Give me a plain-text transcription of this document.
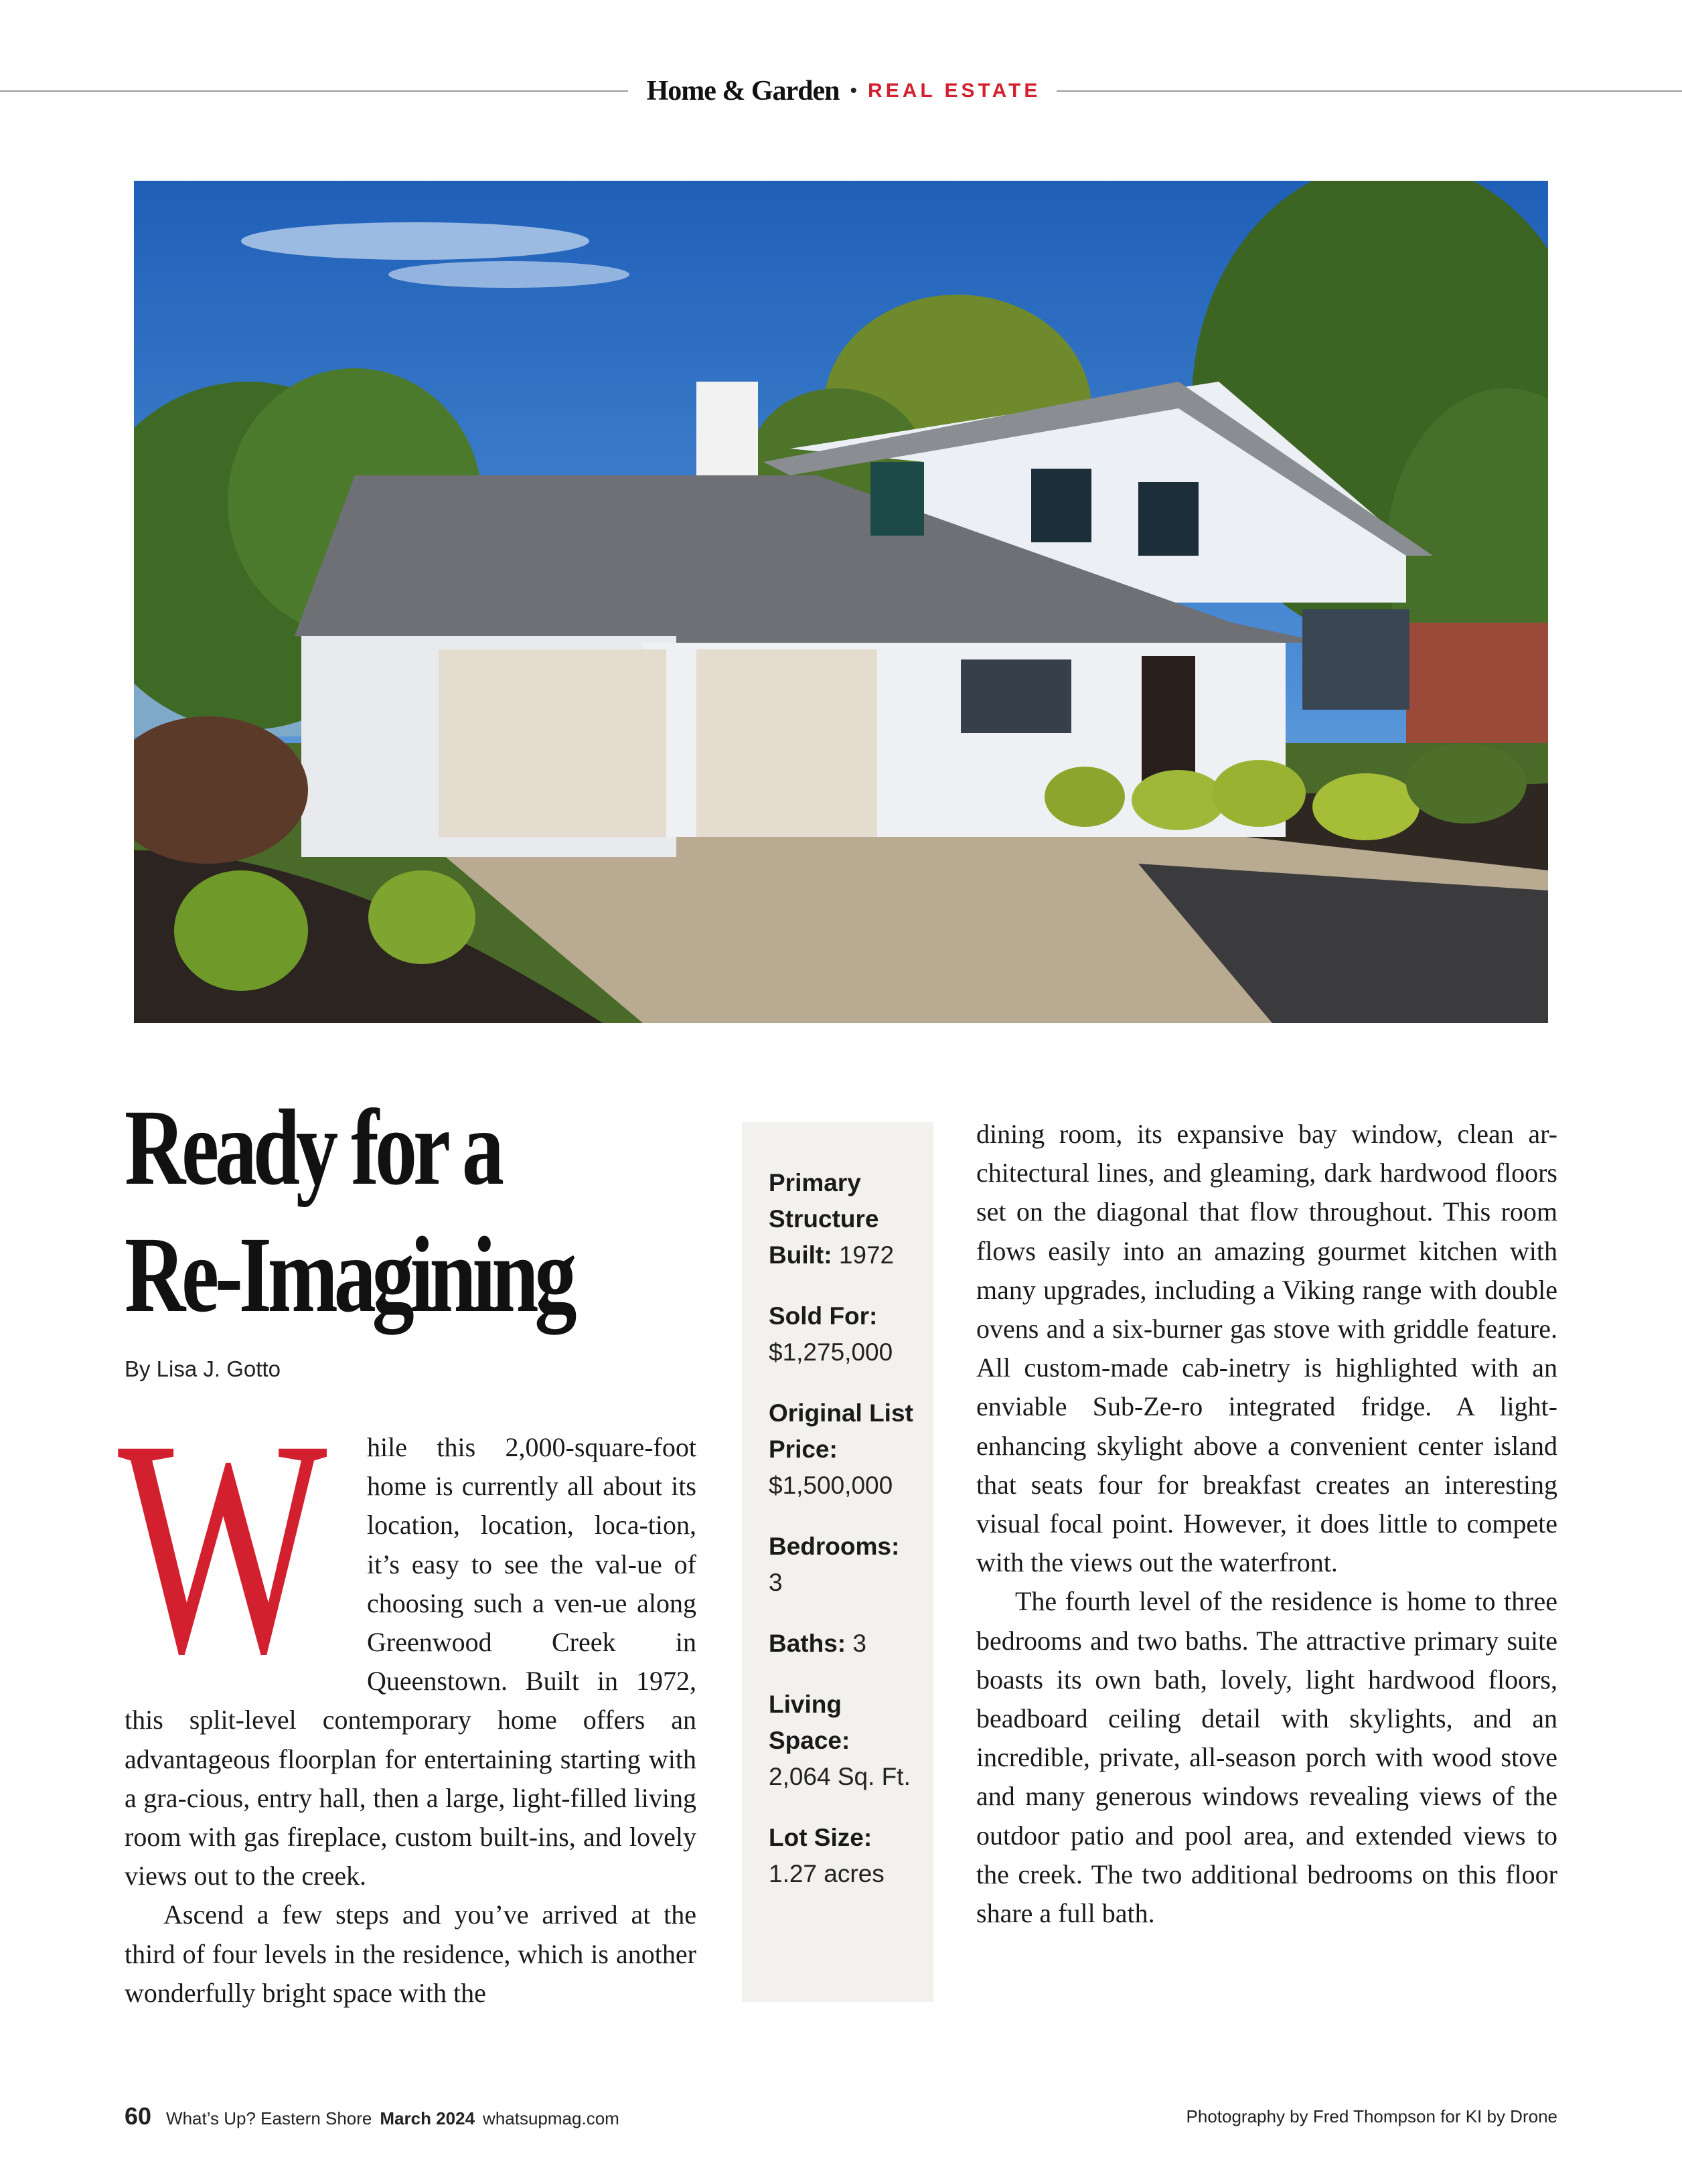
Home & Garden • REAL ESTATE
Ready for a
Re-Imagining
By Lisa J. Gotto

W hile this 2,000-square-foot home is currently all about its location, location, loca-tion, it’s easy to see the val-ue of choosing such a ven-ue along Greenwood Creek in Queenstown. Built in 1972, this split-level contemporary home offers an advantageous floorplan for entertaining starting with a gra-cious, entry hall, then a large, light-filled living room with gas fireplace, custom built-ins, and lovely views out to the creek.

Ascend a few steps and you’ve arrived at the third of four levels in the residence, which is another wonderfully bright space with the

Primary Structure Built: 1972
Sold For:
$1,275,000
Original List Price:
$1,500,000
Bedrooms:
3
Baths: 3
Living Space:
2,064 Sq. Ft.
Lot Size:
1.27 acres

dining room, its expansive bay window, clean ar-chitectural lines, and gleaming, dark hardwood floors set on the diagonal that flow throughout. This room flows easily into an amazing gourmet kitchen with many upgrades, including a Viking range with double ovens and a six-burner gas stove with griddle feature. All custom-made cab-inetry is highlighted with an enviable Sub-Ze-ro integrated fridge. A light-enhancing skylight above a convenient center island that seats four for breakfast creates an interesting visual focal point. However, it does little to compete with the views out the waterfront.

The fourth level of the residence is home to three bedrooms and two baths. The attractive primary suite boasts its own bath, lovely, light hardwood floors, beadboard ceiling detail with skylights, and an incredible, private, all-season porch with wood stove and many generous windows revealing views of the outdoor patio and pool area, and extended views to the creek. The two additional bedrooms on this floor share a full bath.

60 What’s Up? Eastern Shore March 2024 whatsupmag.com	Photography by Fred Thompson for KI by Drone
